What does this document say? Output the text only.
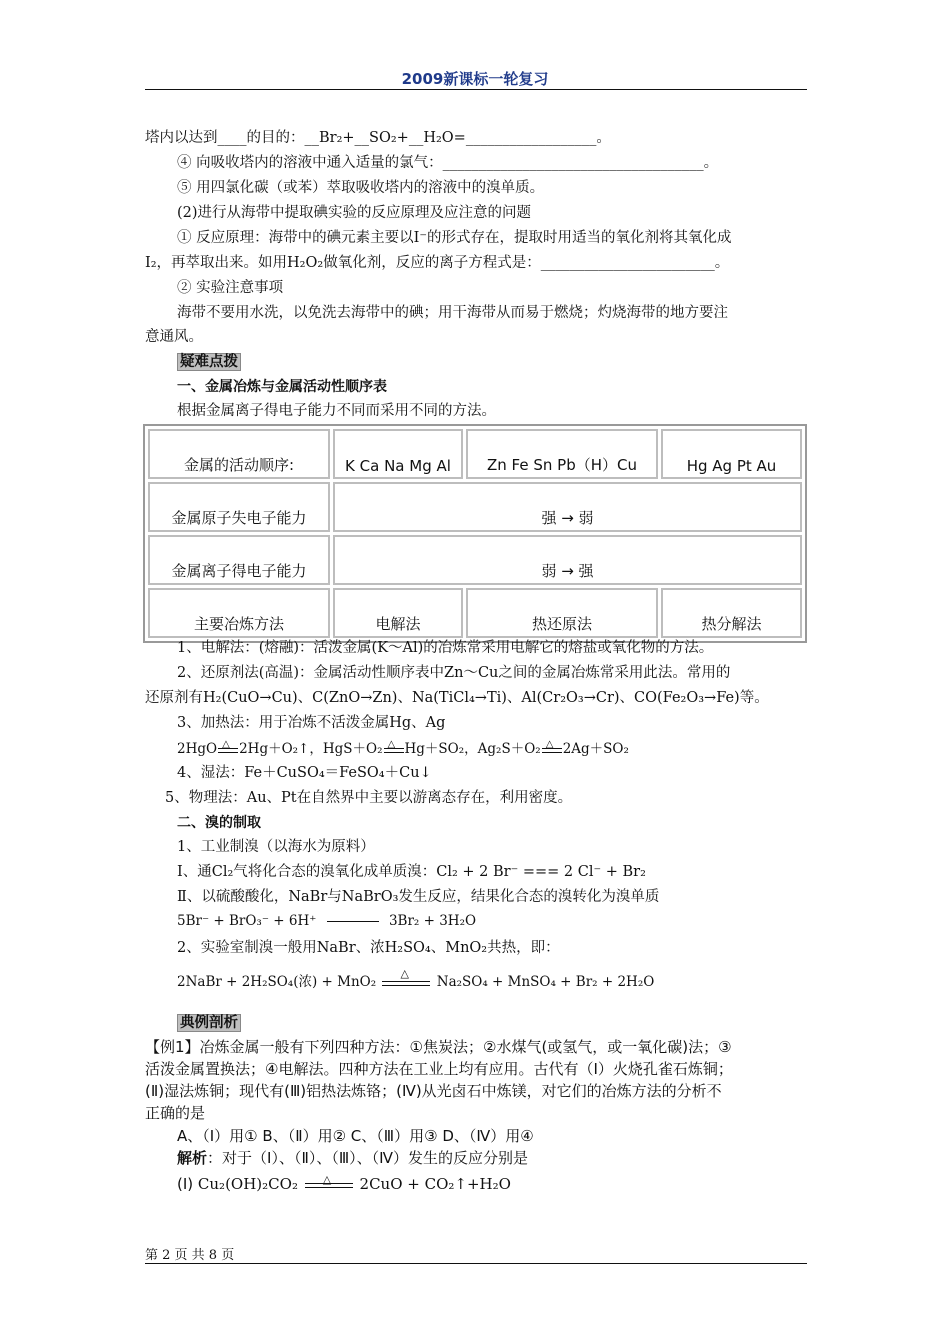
2009新课标一轮复习
塔内以达到____的目的：__Br₂+__SO₂+__H₂O=__________________。
④ 向吸收塔内的溶液中通入适量的氯气：____________________________________。
⑤ 用四氯化碳（或苯）萃取吸收塔内的溶液中的溴单质。
(2)进行从海带中提取碘实验的反应原理及应注意的问题
① 反应原理：海带中的碘元素主要以I⁻的形式存在，提取时用适当的氧化剂将其氧化成
I₂，再萃取出来。如用H₂O₂做氧化剂，反应的离子方程式是：________________________。
② 实验注意事项
海带不要用水洗，以免洗去海带中的碘；用干海带从而易于燃烧；灼烧海带的地方要注
意通风。
疑难点拨
一、金属冶炼与金属活动性顺序表
根据金属离子得电子能力不同而采用不同的方法。
金属的活动顺序:	K Ca Na Mg Al	Zn Fe Sn Pb（H）Cu	Hg Ag Pt Au
金属原子失电子能力	强 → 弱		
金属离子得电子能力	弱 → 强		
主要冶炼方法	电解法	热还原法	热分解法
1、电解法：(熔融)：活泼金属(K～Al)的冶炼常采用电解它的熔盐或氧化物的方法。
2、还原剂法(高温)：金属活动性顺序表中Zn～Cu之间的金属冶炼常采用此法。常用的
还原剂有H₂(CuO→Cu)、C(ZnO→Zn)、Na(TiCl₄→Ti)、Al(Cr₂O₃→Cr)、CO(Fe₂O₃→Fe)等。
3、加热法：用于冶炼不活泼金属Hg、Ag
2HgO △ 2Hg＋O₂↑，HgS＋O₂ △ Hg＋SO₂，Ag₂S＋O₂ △ 2Ag＋SO₂
4、湿法：Fe＋CuSO₄＝FeSO₄＋Cu↓
5、物理法：Au、Pt在自然界中主要以游离态存在，利用密度。
二、溴的制取
1、工业制溴（以海水为原料）
Ⅰ、通Cl₂气将化合态的溴氧化成单质溴：Cl₂ + 2 Br⁻ === 2 Cl⁻ + Br₂
Ⅱ、以硫酸酸化，NaBr与NaBrO₃发生反应，结果化合态的溴转化为溴单质
5Br⁻ + BrO₃⁻ + 6H⁺	3Br₂ + 3H₂O
2、实验室制溴一般用NaBr、浓H₂SO₄、MnO₂共热，即：
2NaBr + 2H₂SO₄(浓) + MnO₂
△
Na₂SO₄ + MnSO₄ + Br₂ + 2H₂O
典例剖析
【例1】冶炼金属一般有下列四种方法：①焦炭法；②水煤气(或氢气，或一氧化碳)法；③
活泼金属置换法；④电解法。四种方法在工业上均有应用。古代有（Ⅰ）火烧孔雀石炼铜；
(Ⅱ)湿法炼铜；现代有(Ⅲ)铝热法炼铬；(Ⅳ)从光卤石中炼镁，对它们的冶炼方法的分析不
正确的是
A、（Ⅰ）用① B、（Ⅱ）用② C、（Ⅲ）用③ D、（Ⅳ）用④
解析：对于（Ⅰ）、（Ⅱ）、（Ⅲ）、（Ⅳ）发生的反应分别是
(I) Cu₂(OH)₂CO₂ △ 2CuO + CO₂↑+H₂O
第 2 页 共 8 页
